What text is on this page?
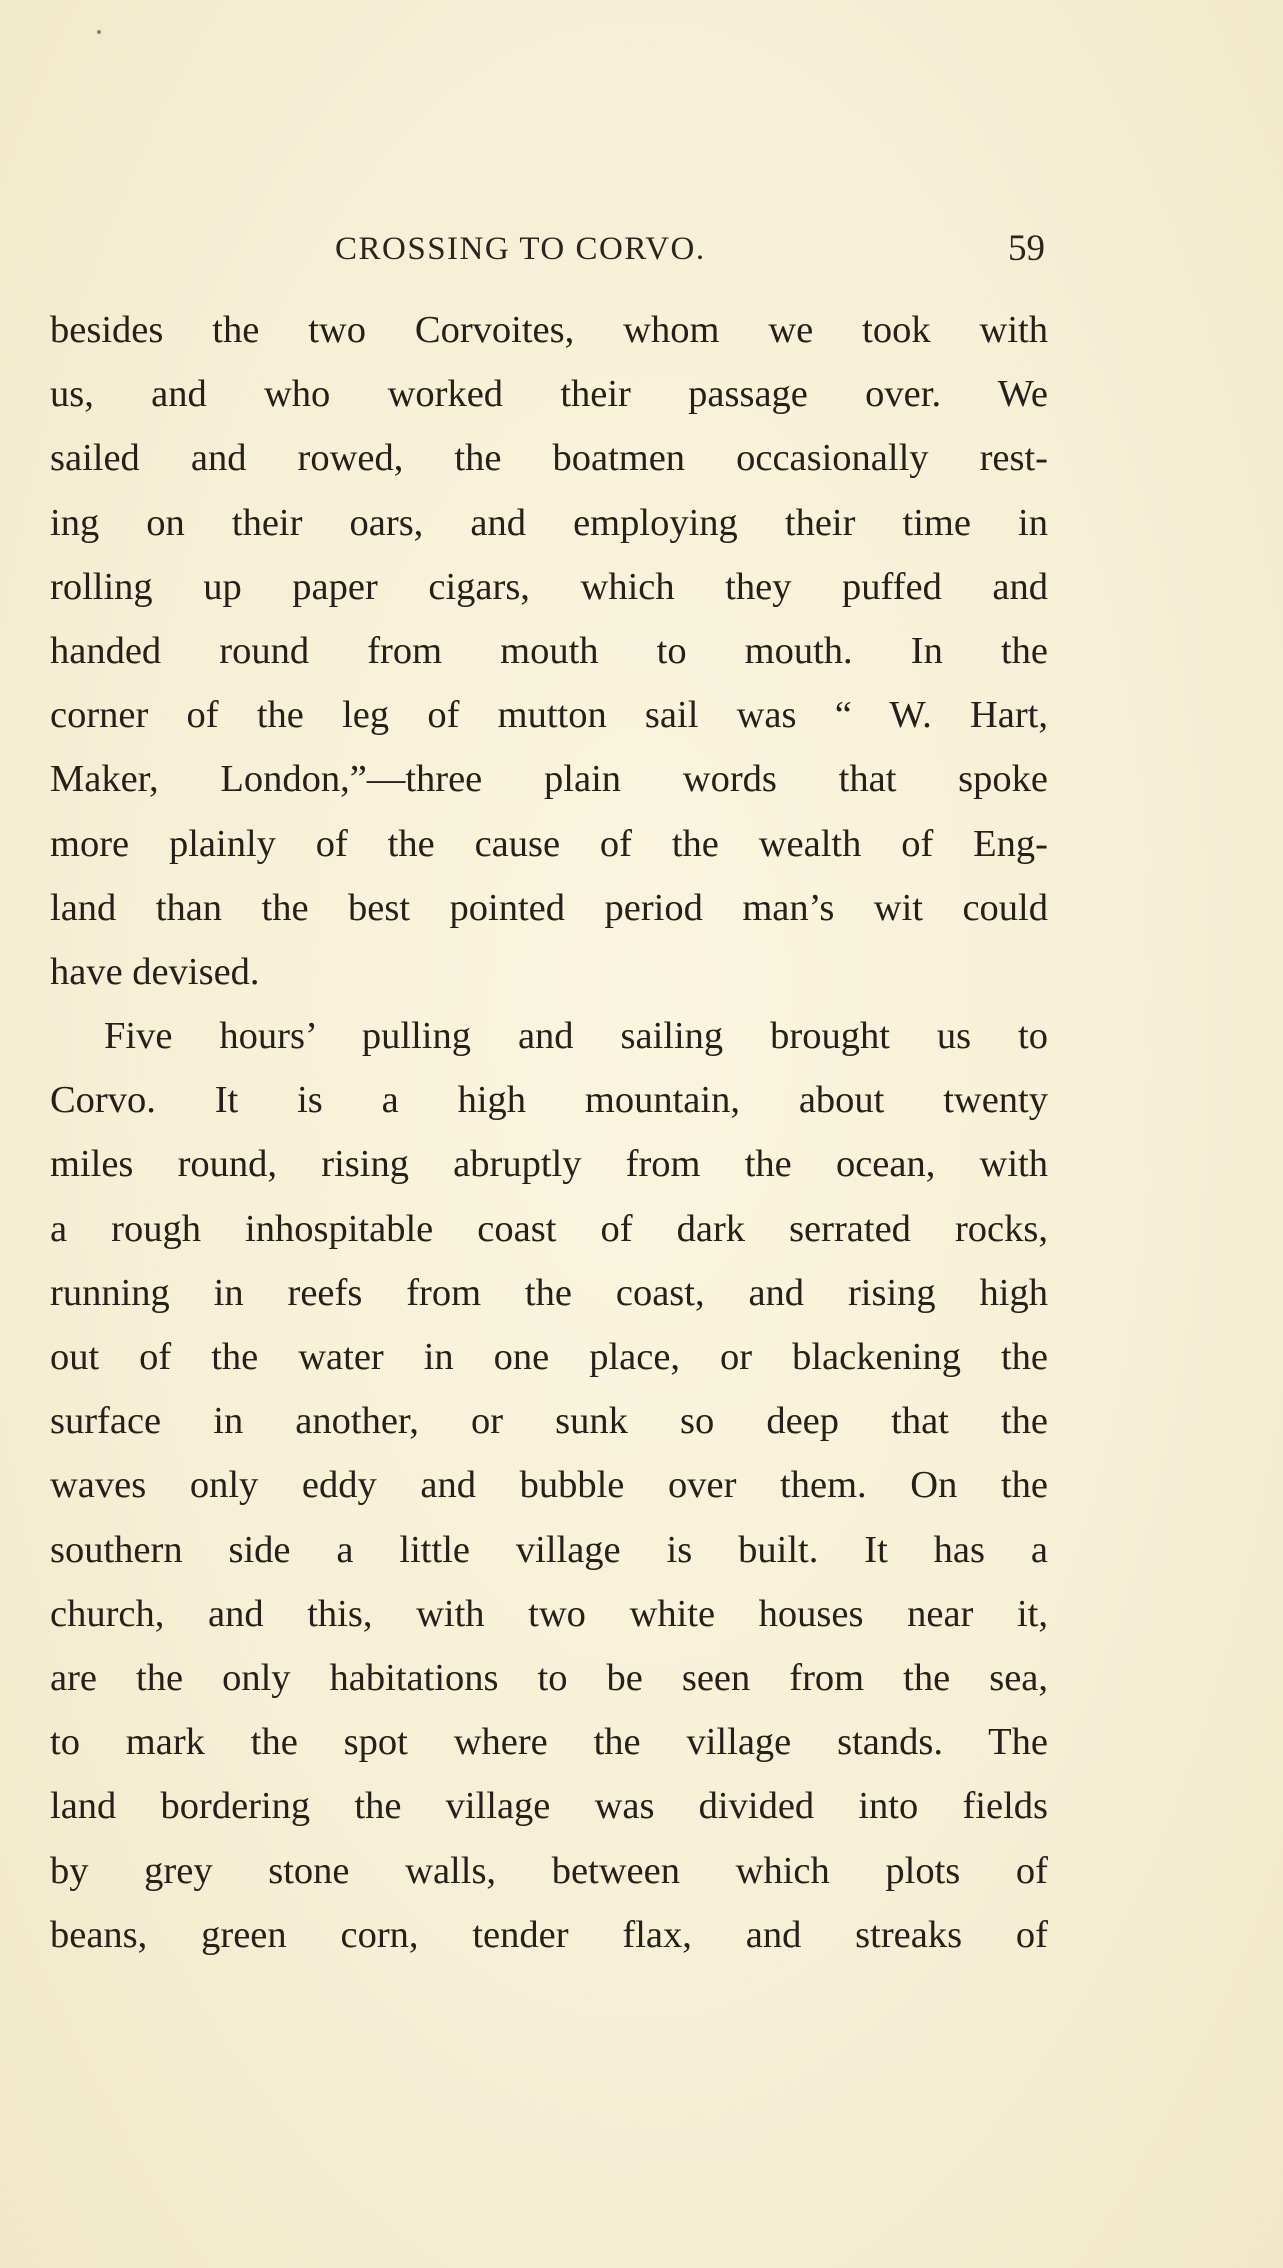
CROSSING TO CORVO.	59
besides the two Corvoites, whom we took with
us, and who worked their passage over. We
sailed and rowed, the boatmen occasionally rest-
ing on their oars, and employing their time in
rolling up paper cigars, which they puffed and
handed round from mouth to mouth. In the
corner of the leg of mutton sail was “ W. Hart,
Maker, London,”—three plain words that spoke
more plainly of the cause of the wealth of Eng-
land than the best pointed period man’s wit could
have devised.
Five hours’ pulling and sailing brought us to
Corvo. It is a high mountain, about twenty
miles round, rising abruptly from the ocean, with
a rough inhospitable coast of dark serrated rocks,
running in reefs from the coast, and rising high
out of the water in one place, or blackening the
surface in another, or sunk so deep that the
waves only eddy and bubble over them. On the
southern side a little village is built. It has a
church, and this, with two white houses near it,
are the only habitations to be seen from the sea,
to mark the spot where the village stands. The
land bordering the village was divided into fields
by grey stone walls, between which plots of
beans, green corn, tender flax, and streaks of
